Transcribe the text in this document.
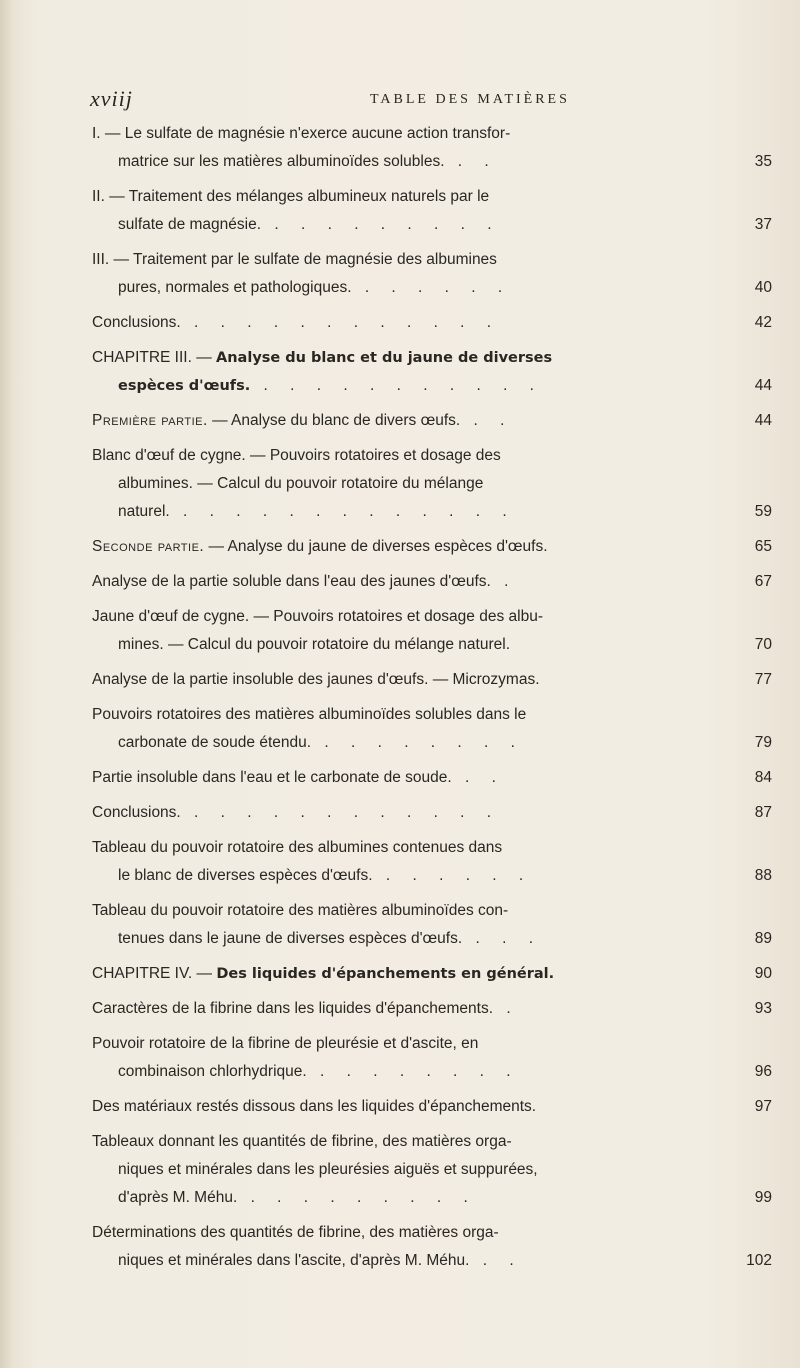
xviij	TABLE DES MATIÈRES
I. — Le sulfate de magnésie n'exerce aucune action transfor-
matrice sur les matières albuminoïdes solubles. . .	35
II. — Traitement des mélanges albumineux naturels par le
sulfate de magnésie. . . . . . . . . .	37
III. — Traitement par le sulfate de magnésie des albumines
pures, normales et pathologiques. . . . . . .	40
Conclusions. . . . . . . . . . . . .	42
CHAPITRE III. — Analyse du blanc et du jaune de diverses
espèces d'œufs. . . . . . . . . . . .	44
Première partie. — Analyse du blanc de divers œufs. . .	44
Blanc d'œuf de cygne. — Pouvoirs rotatoires et dosage des
albumines. — Calcul du pouvoir rotatoire du mélange
naturel. . . . . . . . . . . . . .	59
Seconde partie. — Analyse du jaune de diverses espèces d'œufs.	65
Analyse de la partie soluble dans l'eau des jaunes d'œufs. .	67
Jaune d'œuf de cygne. — Pouvoirs rotatoires et dosage des albu-
mines. — Calcul du pouvoir rotatoire du mélange naturel.	70
Analyse de la partie insoluble des jaunes d'œufs. — Microzymas.	77
Pouvoirs rotatoires des matières albuminoïdes solubles dans le
carbonate de soude étendu. . . . . . . . .	79
Partie insoluble dans l'eau et le carbonate de soude. . .	84
Conclusions. . . . . . . . . . . . .	87
Tableau du pouvoir rotatoire des albumines contenues dans
le blanc de diverses espèces d'œufs. . . . . . .	88
Tableau du pouvoir rotatoire des matières albuminoïdes con-
tenues dans le jaune de diverses espèces d'œufs. . . .	89
CHAPITRE IV. — Des liquides d'épanchements en général.	90
Caractères de la fibrine dans les liquides d'épanchements. .	93
Pouvoir rotatoire de la fibrine de pleurésie et d'ascite, en
combinaison chlorhydrique. . . . . . . . .	96
Des matériaux restés dissous dans les liquides d'épanchements.	97
Tableaux donnant les quantités de fibrine, des matières orga-
niques et minérales dans les pleurésies aiguës et suppurées,
d'après M. Méhu. . . . . . . . . .	99
Déterminations des quantités de fibrine, des matières orga-
niques et minérales dans l'ascite, d'après M. Méhu. . .	102
